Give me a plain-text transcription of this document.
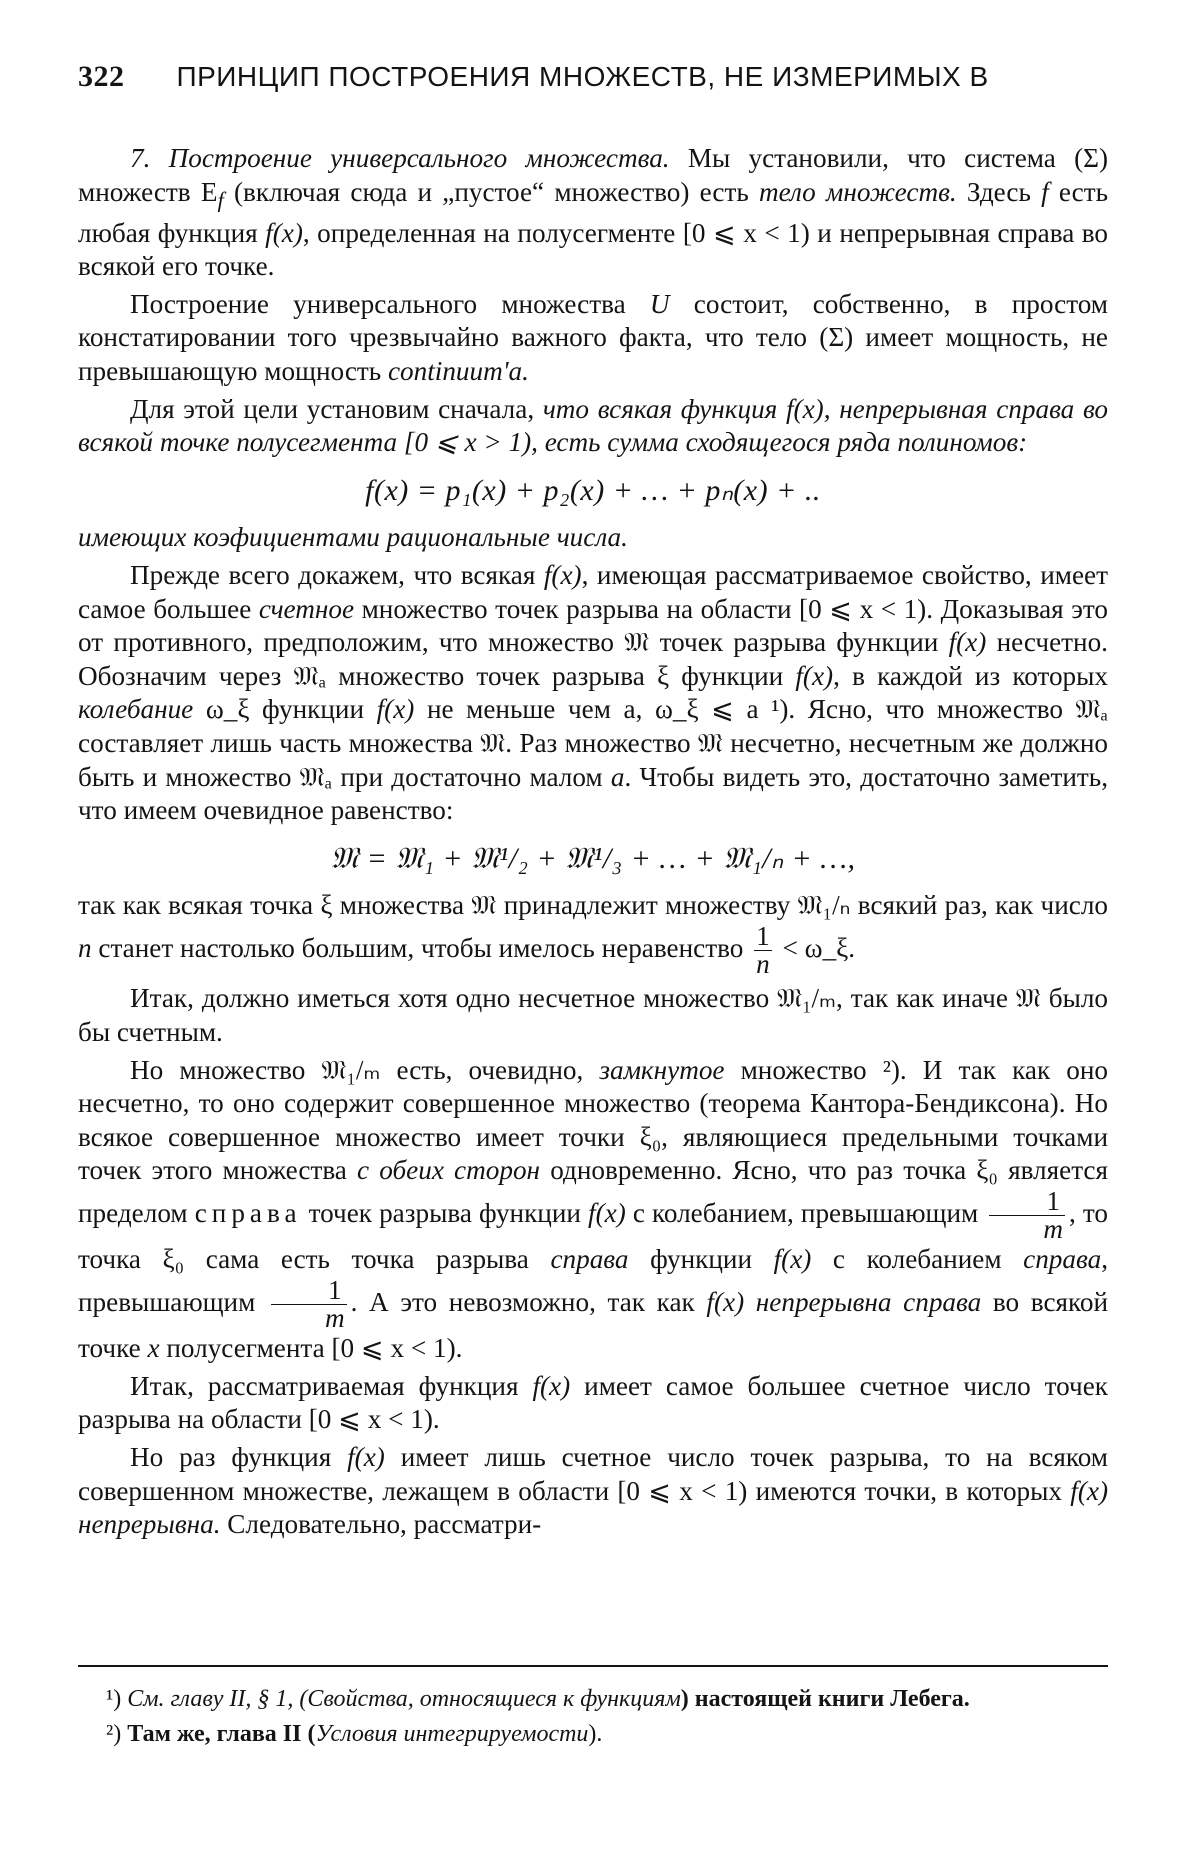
322 ПРИНЦИП ПОСТРОЕНИЯ МНОЖЕСТВ, НЕ ИЗМЕРИМЫХ В

7. Построение универсального множества. Мы установили, что система (Σ) множеств $E_f$ (включая сюда и „пустое“ множество) есть тело множеств. Здесь f есть любая функция f(x), определенная на полусегменте [0 ⩽ x < 1) и непрерывная справа во всякой его точке.

Построение универсального множества U состоит, собственно, в простом констатировании того чрезвычайно важного факта, что тело (Σ) имеет мощность, не превышающую мощность continuum'а.

Для этой цели установим сначала, что всякая функция f(x), непрерывная справа во всякой точке полусегмента [0 ⩽ x > 1), есть сумма сходящегося ряда полиномов:

f(x) = p₁(x) + p₂(x) + … + pₙ(x) + ..

имеющих коэфициентами рациональные числа.

Прежде всего докажем, что всякая f(x), имеющая рассматриваемое свойство, имеет самое большее счетное множество точек разрыва на области [0 ⩽ x < 1). Доказывая это от противного, предположим, что множество 𝔐 точек разрыва функции f(x) несчетно. Обозначим через 𝔐ₐ множество точек разрыва ξ функции f(x), в каждой из которых колебание ω_ξ функции f(x) не меньше чем a, ω_ξ ⩽ a ¹). Ясно, что множество 𝔐ₐ составляет лишь часть множества 𝔐. Раз множество 𝔐 несчетно, несчетным же должно быть и множество 𝔐ₐ при достаточно малом a. Чтобы видеть это, достаточно заметить, что имеем очевидное равенство:

𝔐 = 𝔐₁ + 𝔐¹/₂ + 𝔐¹/₃ + … + 𝔐₁/ₙ + …,

так как всякая точка ξ множества 𝔐 принадлежит множеству 𝔐₁/ₙ всякий раз, как число n станет настолько большим, чтобы имелось неравенство $\frac{1}{n}$ < ω_ξ.

Итак, должно иметься хотя одно несчетное множество 𝔐₁/ₘ, так как иначе 𝔐 было бы счетным.

Но множество 𝔐₁/ₘ есть, очевидно, замкнутое множество ²). И так как оно несчетно, то оно содержит совершенное множество (теорема Кантора-Бендиксона). Но всякое совершенное множество имеет точки ξ₀, являющиеся предельными точками точек этого множества с обеих сторон одновременно. Ясно, что раз точка ξ₀ является пределом справа точек разрыва функции f(x) с колебанием, превышающим $\frac{1}{m}$ , то точка ξ₀ сама есть точка разрыва справа функции f(x) с колебанием справа, превышающим $\frac{1}{m}$ . А это невозможно, так как f(x) непрерывна справа во всякой точке x полусегмента [0 ⩽ x < 1).

Итак, рассматриваемая функция f(x) имеет самое большее счетное число точек разрыва на области [0 ⩽ x < 1).

Но раз функция f(x) имеет лишь счетное число точек разрыва, то на всяком совершенном множестве, лежащем в области [0 ⩽ x < 1) имеются точки, в которых f(x) непрерывна. Следовательно, рассматри-

¹) См. главу II, § 1, (Свойства, относящиеся к функциям) настоящей книги Лебега.

²) Там же, глава II (Условия интегрируемости).
